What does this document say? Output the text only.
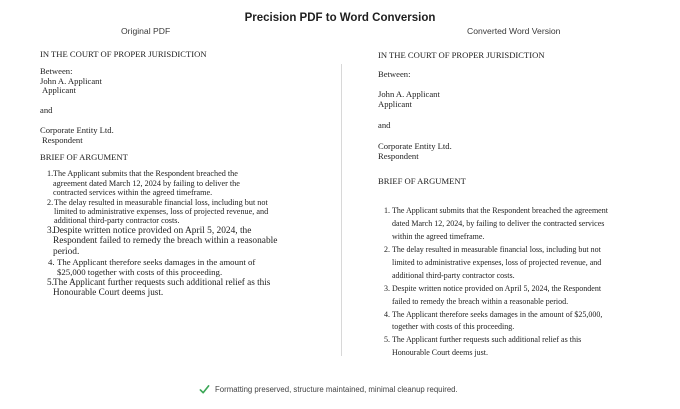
Precision PDF to Word Conversion
Original PDF	Converted Word Version
IN THE COURT OF PROPER JURISDICTION
Between:
John A. Applicant
Applicant
and
Corporate Entity Ltd.
Respondent
BRIEF OF ARGUMENT
1. The Applicant submits that the Respondent breached the
agreement dated March 12, 2024 by failing to deliver the
contracted services within the agreed timeframe.
2. The delay resulted in measurable financial loss, including but not
limited to administrative expenses, loss of projected revenue, and
additional third-party contractor costs.
3.
Despite written notice provided on April 5, 2024, the
Respondent failed to remedy the breach within a reasonable
period.
4. The Applicant therefore seeks damages in the amount of
$25,000 together with costs of this proceeding.
5. The Applicant further requests such additional relief as this
Honourable Court deems just.
IN THE COURT OF PROPER JURISDICTION
Between:
John A. Applicant
Applicant
and
Corporate Entity Ltd.
Respondent
BRIEF OF ARGUMENT
1. The Applicant submits that the Respondent breached the agreement
dated March 12, 2024, by failing to deliver the contracted services
within the agreed timeframe.
2. The delay resulted in measurable financial loss, including but not
limited to administrative expenses, loss of projected revenue, and
additional third-party contractor costs.
3. Despite written notice provided on April 5, 2024, the Respondent
failed to remedy the breach within a reasonable period.
4. The Applicant therefore seeks damages in the amount of $25,000,
together with costs of this proceeding.
5. The Applicant further requests such additional relief as this
Honourable Court deems just.
Formatting preserved, structure maintained, minimal cleanup required.
